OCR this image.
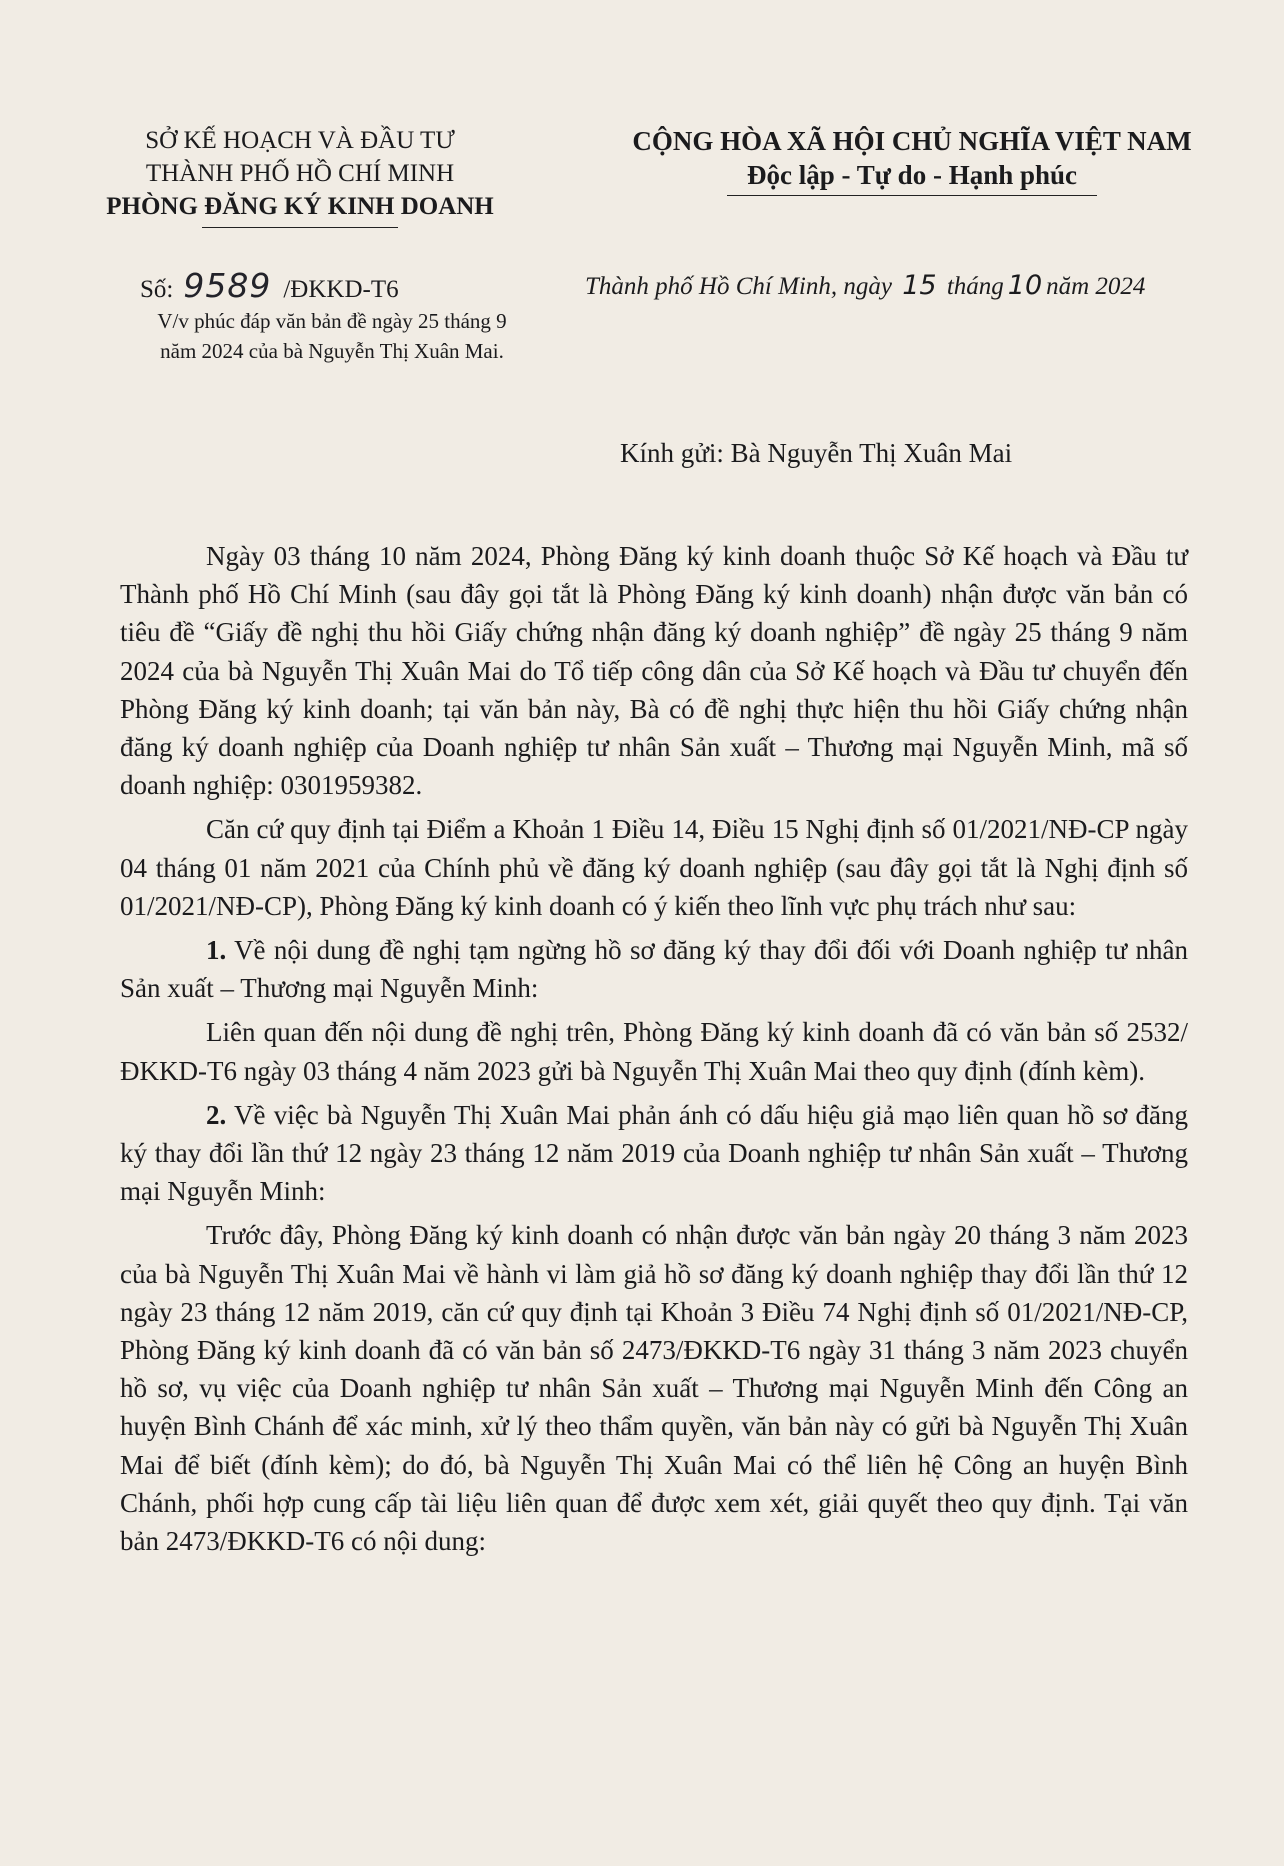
SỞ KẾ HOẠCH VÀ ĐẦU TƯ
THÀNH PHỐ HỒ CHÍ MINH
PHÒNG ĐĂNG KÝ KINH DOANH
CỘNG HÒA XÃ HỘI CHỦ NGHĨA VIỆT NAM
Độc lập - Tự do - Hạnh phúc
Số: 9589 /ĐKKD-T6
V/v phúc đáp văn bản đề ngày 25 tháng 9
năm 2024 của bà Nguyễn Thị Xuân Mai.
Thành phố Hồ Chí Minh, ngày 15 tháng 10 năm 2024
Kính gửi: Bà Nguyễn Thị Xuân Mai

Ngày 03 tháng 10 năm 2024, Phòng Đăng ký kinh doanh thuộc Sở Kế hoạch và Đầu tư Thành phố Hồ Chí Minh (sau đây gọi tắt là Phòng Đăng ký kinh doanh) nhận được văn bản có tiêu đề “Giấy đề nghị thu hồi Giấy chứng nhận đăng ký doanh nghiệp” đề ngày 25 tháng 9 năm 2024 của bà Nguyễn Thị Xuân Mai do Tổ tiếp công dân của Sở Kế hoạch và Đầu tư chuyển đến Phòng Đăng ký kinh doanh; tại văn bản này, Bà có đề nghị thực hiện thu hồi Giấy chứng nhận đăng ký doanh nghiệp của Doanh nghiệp tư nhân Sản xuất – Thương mại Nguyễn Minh, mã số doanh nghiệp: 0301959382.

Căn cứ quy định tại Điểm a Khoản 1 Điều 14, Điều 15 Nghị định số 01/2021/NĐ-CP ngày 04 tháng 01 năm 2021 của Chính phủ về đăng ký doanh nghiệp (sau đây gọi tắt là Nghị định số 01/2021/NĐ-CP), Phòng Đăng ký kinh doanh có ý kiến theo lĩnh vực phụ trách như sau:

1. Về nội dung đề nghị tạm ngừng hồ sơ đăng ký thay đổi đối với Doanh nghiệp tư nhân Sản xuất – Thương mại Nguyễn Minh:

Liên quan đến nội dung đề nghị trên, Phòng Đăng ký kinh doanh đã có văn bản số 2532/ĐKKD-T6 ngày 03 tháng 4 năm 2023 gửi bà Nguyễn Thị Xuân Mai theo quy định (đính kèm).

2. Về việc bà Nguyễn Thị Xuân Mai phản ánh có dấu hiệu giả mạo liên quan hồ sơ đăng ký thay đổi lần thứ 12 ngày 23 tháng 12 năm 2019 của Doanh nghiệp tư nhân Sản xuất – Thương mại Nguyễn Minh:

Trước đây, Phòng Đăng ký kinh doanh có nhận được văn bản ngày 20 tháng 3 năm 2023 của bà Nguyễn Thị Xuân Mai về hành vi làm giả hồ sơ đăng ký doanh nghiệp thay đổi lần thứ 12 ngày 23 tháng 12 năm 2019, căn cứ quy định tại Khoản 3 Điều 74 Nghị định số 01/2021/NĐ-CP, Phòng Đăng ký kinh doanh đã có văn bản số 2473/ĐKKD-T6 ngày 31 tháng 3 năm 2023 chuyển hồ sơ, vụ việc của Doanh nghiệp tư nhân Sản xuất – Thương mại Nguyễn Minh đến Công an huyện Bình Chánh để xác minh, xử lý theo thẩm quyền, văn bản này có gửi bà Nguyễn Thị Xuân Mai để biết (đính kèm); do đó, bà Nguyễn Thị Xuân Mai có thể liên hệ Công an huyện Bình Chánh, phối hợp cung cấp tài liệu liên quan để được xem xét, giải quyết theo quy định. Tại văn bản 2473/ĐKKD-T6 có nội dung:
